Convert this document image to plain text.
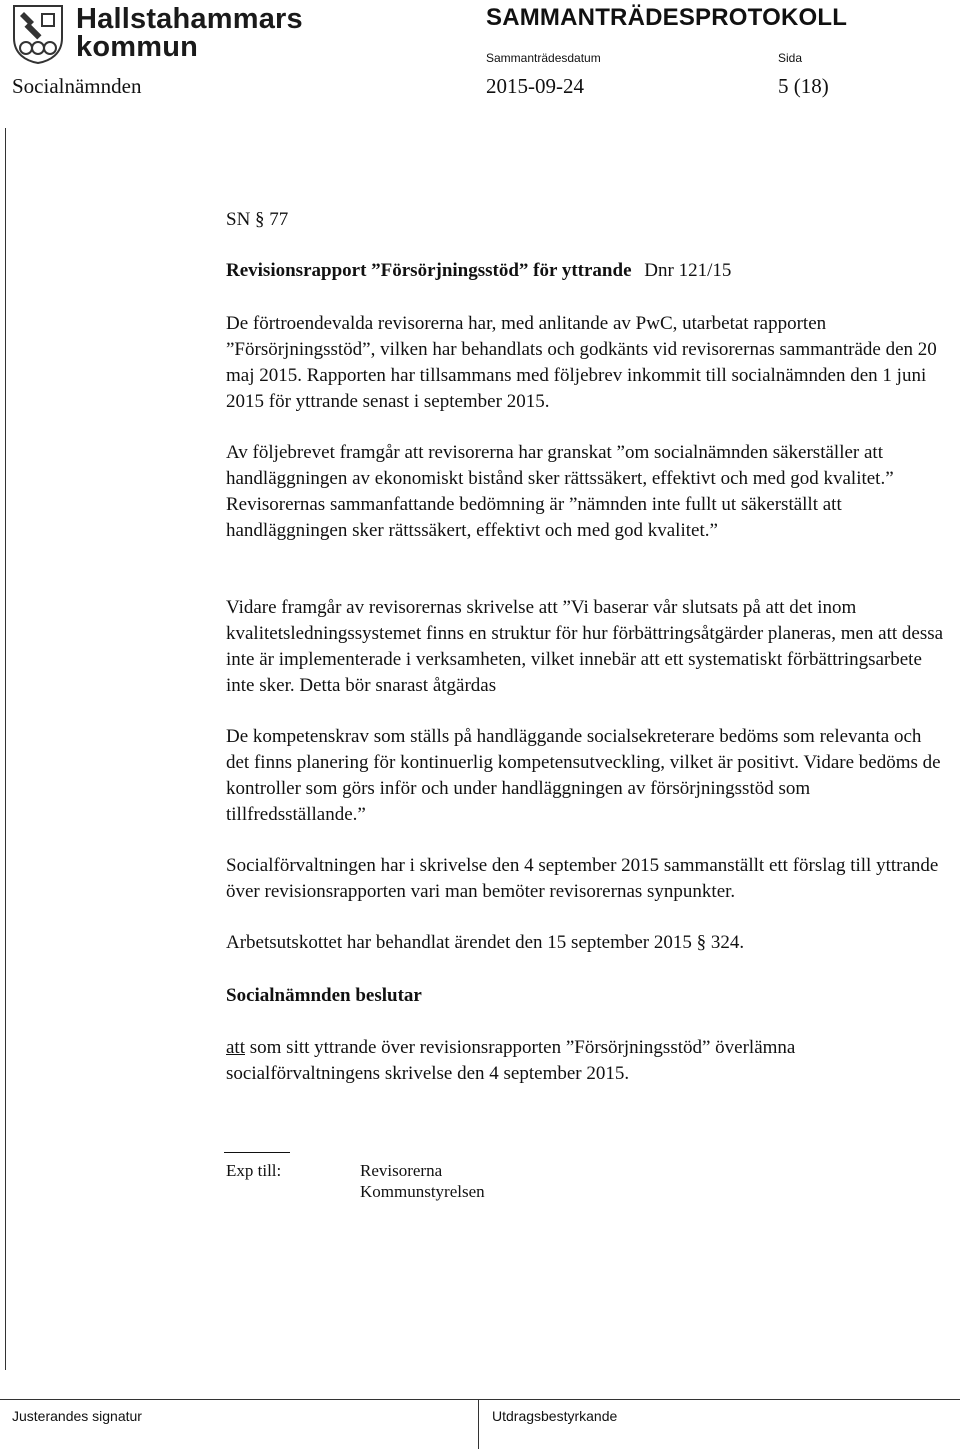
Hallstahammars
kommun
SAMMANTRÄDESPROTOKOLL
Sammanträdesdatum	Sida
Socialnämnden	2015-09-24	5 (18)
SN § 77
Revisionsrapport ”Försörjningsstöd” för yttrande Dnr 121/15
De förtroendevalda revisorerna har, med anlitande av PwC, utarbetat rapporten ”Försörjningsstöd”, vilken har behandlats och godkänts vid revisorernas sammanträde den 20 maj 2015. Rapporten har tillsammans med följebrev inkommit till socialnämnden den 1 juni 2015 för yttrande senast i september 2015.
Av följebrevet framgår att revisorerna har granskat ”om socialnämnden säkerställer att handläggningen av ekonomiskt bistånd sker rättssäkert, effektivt och med god kvalitet.” Revisorernas sammanfattande bedömning är ”nämnden inte fullt ut säkerställt att handläggningen sker rättssäkert, effektivt och med god kvalitet.”
Vidare framgår av revisorernas skrivelse att ”Vi baserar vår slutsats på att det inom kvalitetsledningssystemet finns en struktur för hur förbättringsåtgärder planeras, men att dessa inte är implementerade i verksamheten, vilket innebär att ett systematiskt förbättringsarbete inte sker. Detta bör snarast åtgärdas
De kompetenskrav som ställs på handläggande socialsekreterare bedöms som relevanta och det finns planering för kontinuerlig kompetensutveckling, vilket är positivt. Vidare bedöms de kontroller som görs inför och under handläggningen av försörjningsstöd som tillfredsställande.”
Socialförvaltningen har i skrivelse den 4 september 2015 sammanställt ett förslag till yttrande över revisionsrapporten vari man bemöter revisorernas synpunkter.
Arbetsutskottet har behandlat ärendet den 15 september 2015 § 324.
Socialnämnden beslutar
att som sitt yttrande över revisionsrapporten ”Försörjningsstöd” överlämna socialförvaltningens skrivelse den 4 september 2015.
Exp till:	Revisorerna
Kommunstyrelsen
Justerandes signatur	Utdragsbestyrkande
